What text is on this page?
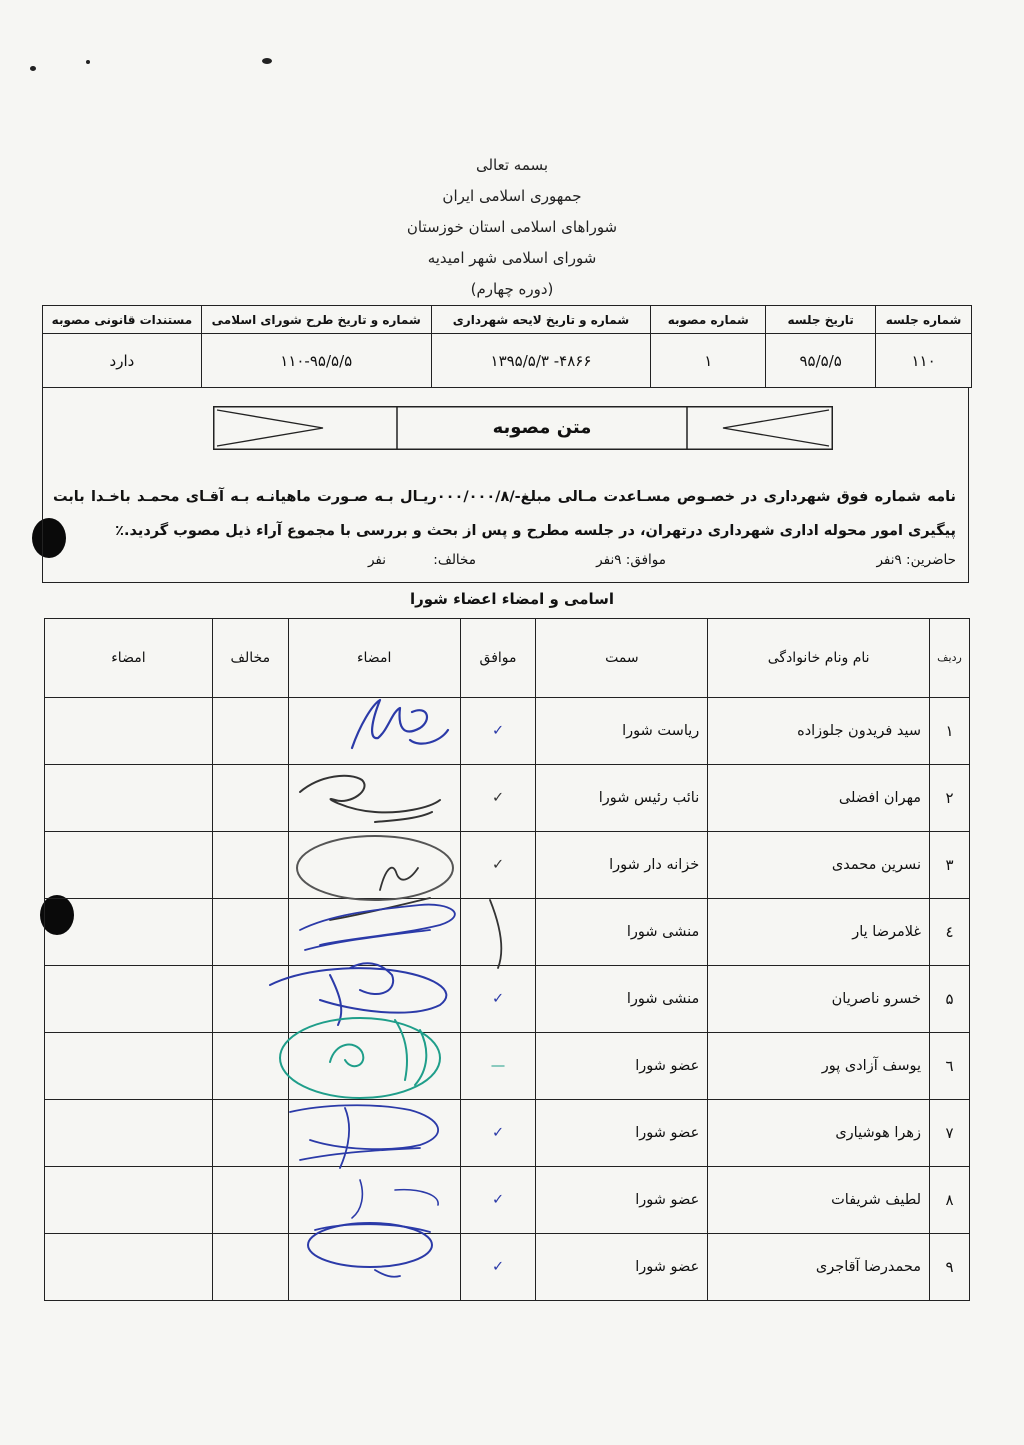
بسمه تعالی
جمهوری اسلامی ایران
شوراهای اسلامی استان خوزستان
شورای اسلامی شهر امیدیه
(دوره چهارم)
شماره جلسه	تاریخ جلسه	شماره مصوبه	شماره و تاریخ لایحه شهرداری	شماره و تاریخ طرح شورای اسلامی	مستندات قانونی مصوبه
۱۱۰	۹۵/۵/۵	۱	۴۸۶۶- ۱۳۹۵/۵/۳	۱۱۰-۹۵/۵/۵	دارد
متن مصوبه
نامه شماره فوق شهرداری در خصـوص مسـاعدت مـالی مبلغ-/۰۰۰/۰۰۰/۸ریـال بـه صـورت ماهیانـه بـه آقـای محمـد باخـدا بابت پیگیری امور محوله اداری شهرداری درتهران، در جلسه مطرح و پس از بحث و بررسی با مجموع آراء ذیل مصوب گردید.٪
حاضرین: ۹نفر
موافق: ۹نفر
مخالف:
نفر
اسامی و امضاء اعضاء شورا
ردیف	نام ونام خانوادگی	سمت	موافق	امضاء	مخالف	امضاء
۱	سید فریدون جلوزاده	ریاست شورا	✓			
۲	مهران افضلی	نائب رئیس شورا	✓			
۳	نسرین محمدی	خزانه دار شورا	✓			
٤	غلامرضا یار	منشی شورا				
۵	خسرو ناصریان	منشی شورا	✓			
٦	یوسف آزادی پور	عضو شورا	—			
۷	زهرا هوشیاری	عضو شورا	✓			
۸	لطیف شریفات	عضو شورا	✓			
۹	محمدرضا آقاجری	عضو شورا	✓			
